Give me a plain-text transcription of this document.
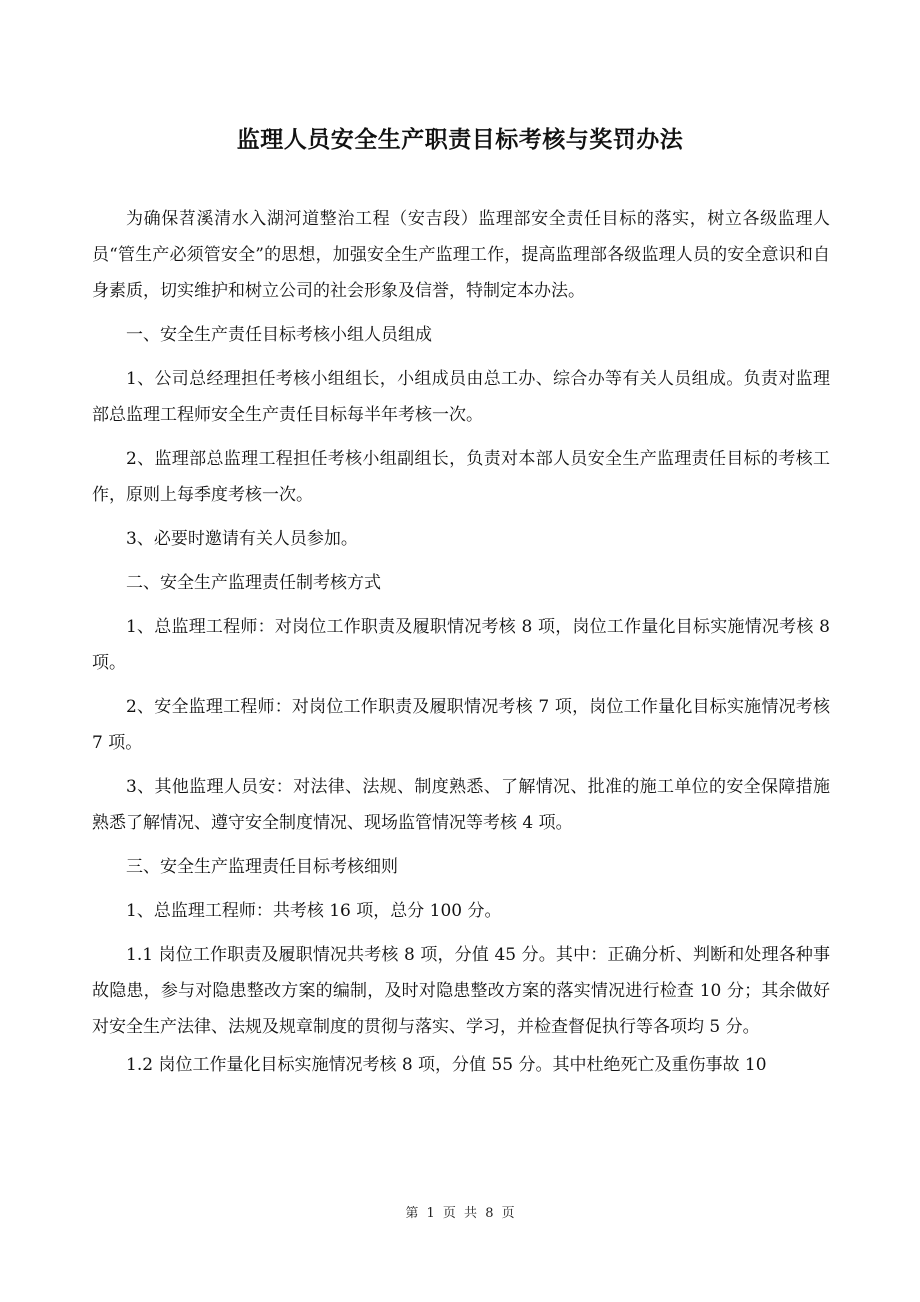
监理人员安全生产职责目标考核与奖罚办法

为确保苕溪清水入湖河道整治工程（安吉段）监理部安全责任目标的落实，树立各级监理人员“管生产必须管安全”的思想，加强安全生产监理工作，提高监理部各级监理人员的安全意识和自身素质，切实维护和树立公司的社会形象及信誉，特制定本办法。

一、安全生产责任目标考核小组人员组成

1、公司总经理担任考核小组组长，小组成员由总工办、综合办等有关人员组成。负责对监理部总监理工程师安全生产责任目标每半年考核一次。

2、监理部总监理工程担任考核小组副组长，负责对本部人员安全生产监理责任目标的考核工作，原则上每季度考核一次。

3、必要时邀请有关人员参加。

二、安全生产监理责任制考核方式

1、总监理工程师：对岗位工作职责及履职情况考核 8 项，岗位工作量化目标实施情况考核 8 项。

2、安全监理工程师：对岗位工作职责及履职情况考核 7 项，岗位工作量化目标实施情况考核 7 项。

3、其他监理人员安：对法律、法规、制度熟悉、了解情况、批准的施工单位的安全保障措施熟悉了解情况、遵守安全制度情况、现场监管情况等考核 4 项。

三、安全生产监理责任目标考核细则

1、总监理工程师：共考核 16 项，总分 100 分。

1.1 岗位工作职责及履职情况共考核 8 项，分值 45 分。其中：正确分析、判断和处理各种事故隐患，参与对隐患整改方案的编制，及时对隐患整改方案的落实情况进行检查 10 分；其余做好对安全生产法律、法规及规章制度的贯彻与落实、学习，并检查督促执行等各项均 5 分。

1.2 岗位工作量化目标实施情况考核 8 项，分值 55 分。其中杜绝死亡及重伤事故 10

第 1 页 共 8 页
